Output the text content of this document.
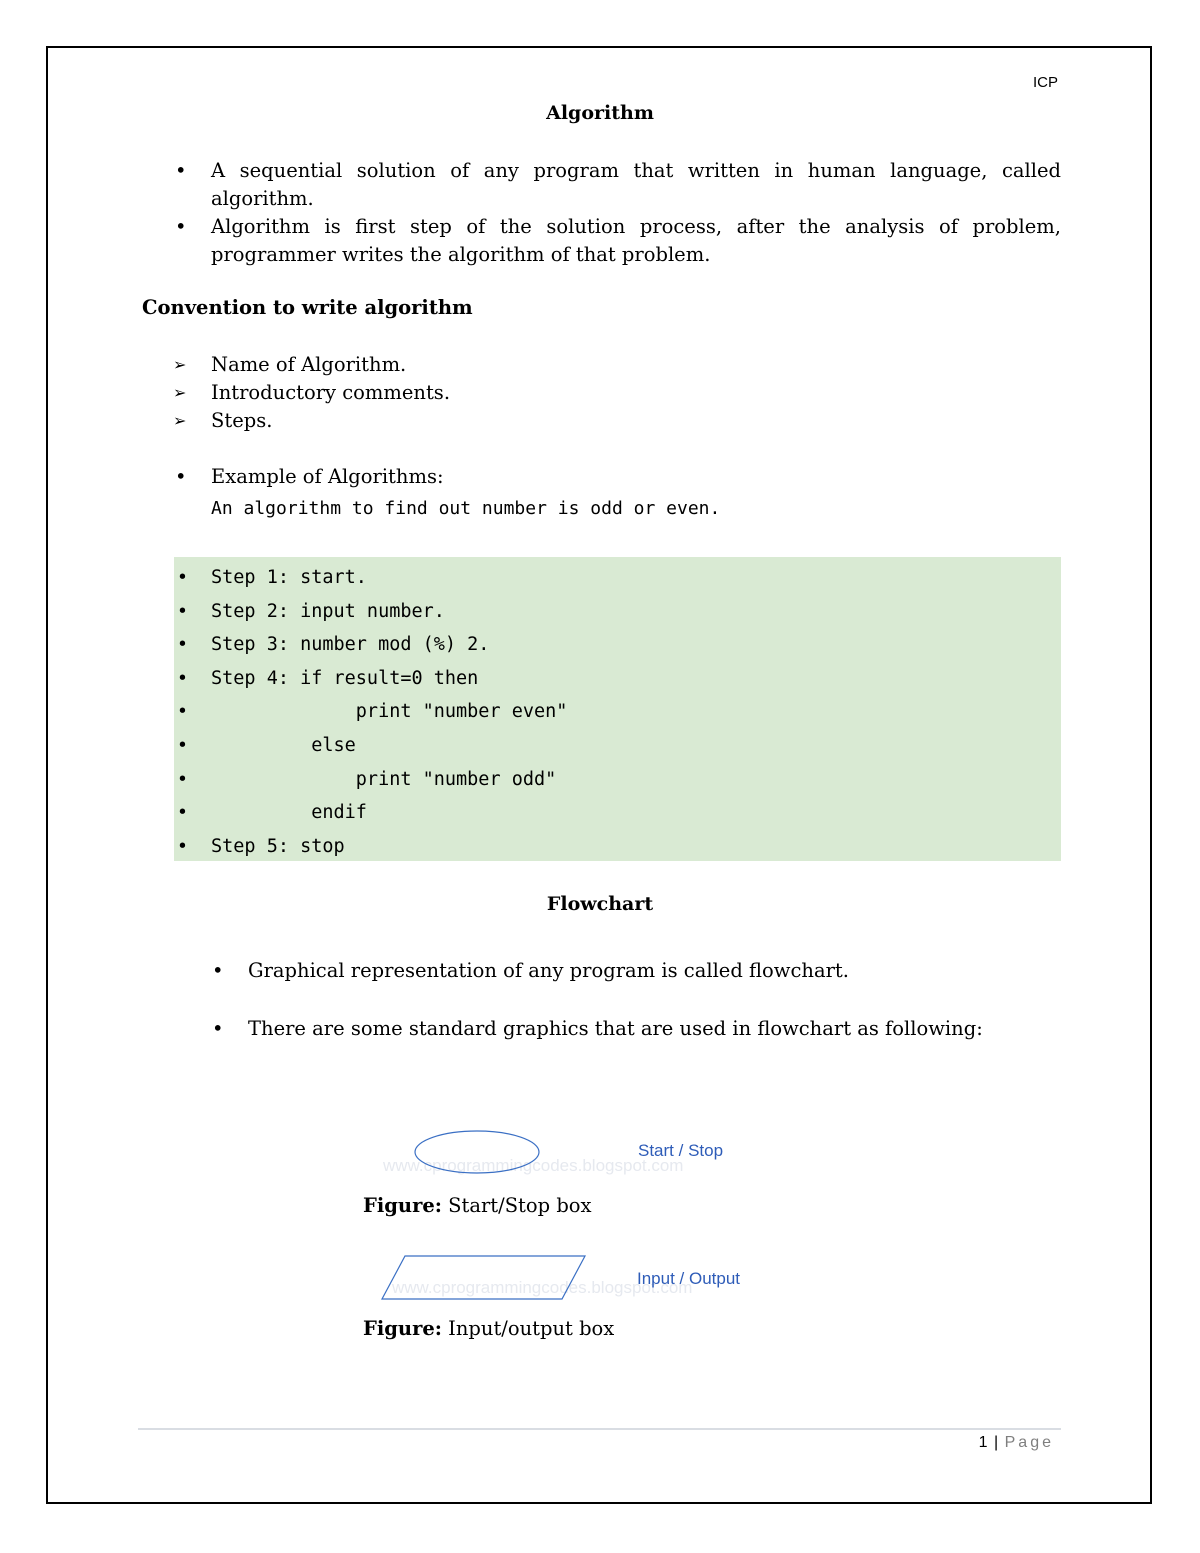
ICP
Algorithm
• A sequential solution of any program that written in human language, called algorithm.
• Algorithm is first step of the solution process, after the analysis of problem, programmer writes the algorithm of that problem.
Convention to write algorithm
➢ Name of Algorithm.
➢ Introductory comments.
➢ Steps.
• Example of Algorithms:
An algorithm to find out number is odd or even.
• Step 1: start.
• Step 2: input number.
• Step 3: number mod (%) 2.
• Step 4: if result=0 then
•              print "number even"
•          else
•              print "number odd"
•          endif
• Step 5: stop
Flowchart
• Graphical representation of any program is called flowchart.
• There are some standard graphics that are used in flowchart as following:
www.cprogrammingcodes.blogspot.com
Start / Stop
Figure: Start/Stop box
www.cprogrammingcodes.blogspot.com
Input / Output
Figure: Input/output box
1 | Page
